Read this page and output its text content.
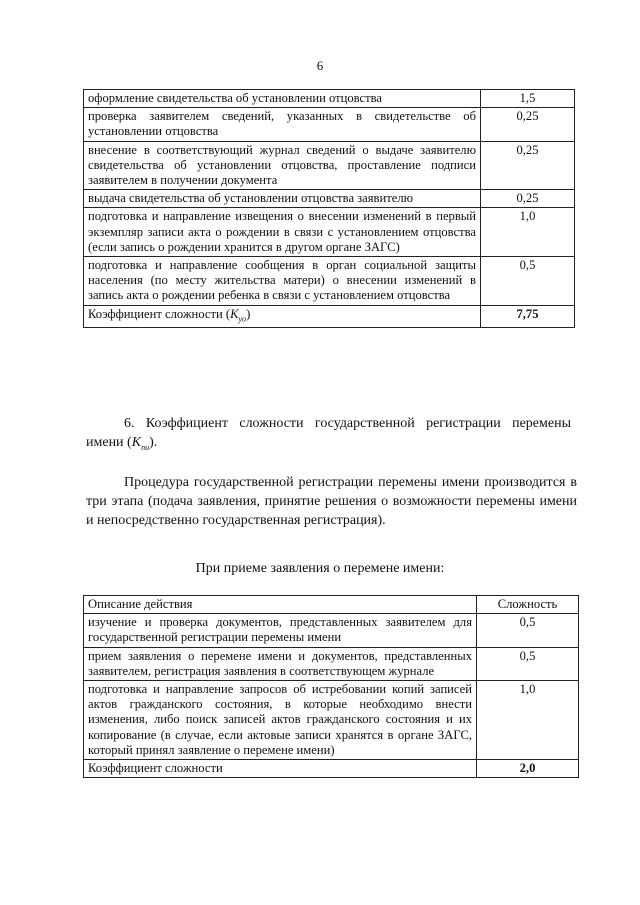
6
оформление свидетельства об установлении отцовства	1,5
проверка заявителем сведений, указанных в свидетельстве об установлении отцовства	0,25
внесение в соответствующий журнал сведений о выдаче заявителю свидетельства об установлении отцовства, проставление подписи заявителем в получении документа	0,25
выдача свидетельства об установлении отцовства заявителю	0,25
подготовка и направление извещения о внесении изменений в первый экземпляр записи акта о рождении в связи с установлением отцовства (если запись о рождении хранится в другом органе ЗАГС)	1,0
подготовка и направление сообщения в орган социальной защиты населения (по месту жительства матери) о внесении изменений в запись акта о рождении ребенка в связи с установлением отцовства	0,5
Коэффициент сложности $(K_{уо})$	7,75
6. Коэффициент сложности государственной регистрации перемены имени $(K_{пи})$.
Процедура государственной регистрации перемены имени производится в три этапа (подача заявления, принятие решения о возможности перемены имени и непосредственно государственная регистрация).
При приеме заявления о перемене имени:
Описание действия	Сложность
изучение и проверка документов, представленных заявителем для государственной регистрации перемены имени	0,5
прием заявления о перемене имени и документов, представленных заявителем, регистрация заявления в соответствующем журнале	0,5
подготовка и направление запросов об истребовании копий записей актов гражданского состояния, в которые необходимо внести изменения, либо поиск записей актов гражданского состояния и их копирование (в случае, если актовые записи хранятся в органе ЗАГС, который принял заявление о перемене имени)	1,0
Коэффициент сложности	2,0
